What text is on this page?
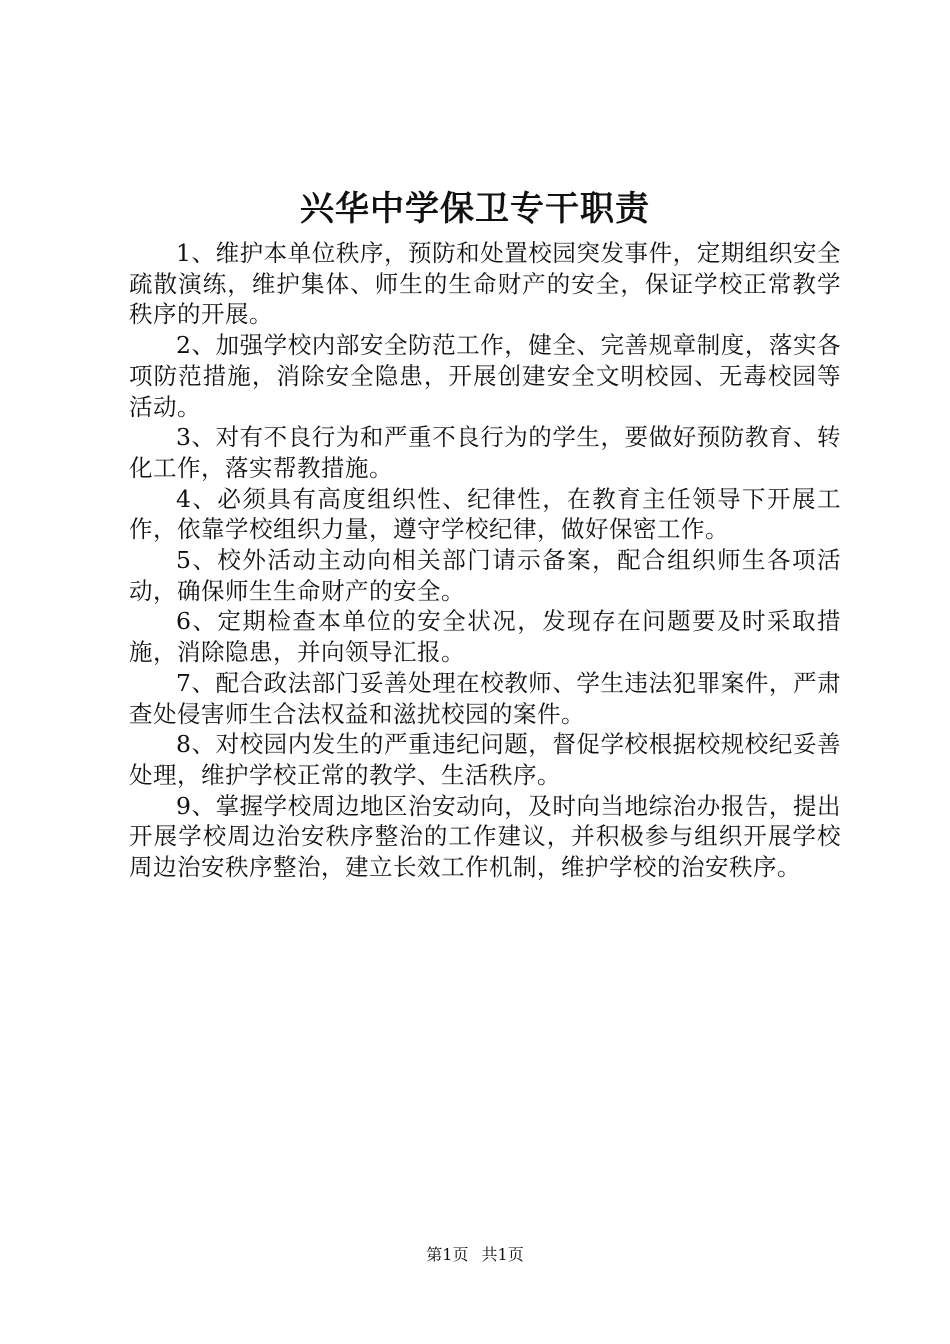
兴华中学保卫专干职责

1、维护本单位秩序，预防和处置校园突发事件，定期组织安全疏散演练，维护集体、师生的生命财产的安全，保证学校正常教学秩序的开展。

2、加强学校内部安全防范工作，健全、完善规章制度，落实各项防范措施，消除安全隐患，开展创建安全文明校园、无毒校园等活动。

3、对有不良行为和严重不良行为的学生，要做好预防教育、转化工作，落实帮教措施。

4、必须具有高度组织性、纪律性，在教育主任领导下开展工作，依靠学校组织力量，遵守学校纪律，做好保密工作。

5、校外活动主动向相关部门请示备案，配合组织师生各项活动，确保师生生命财产的安全。

6、定期检查本单位的安全状况，发现存在问题要及时采取措施，消除隐患，并向领导汇报。

7、配合政法部门妥善处理在校教师、学生违法犯罪案件，严肃查处侵害师生合法权益和滋扰校园的案件。

8、对校园内发生的严重违纪问题，督促学校根据校规校纪妥善处理，维护学校正常的教学、生活秩序。

9、掌握学校周边地区治安动向，及时向当地综治办报告，提出开展学校周边治安秩序整治的工作建议，并积极参与组织开展学校周边治安秩序整治，建立长效工作机制，维护学校的治安秩序。

第1页 共1页
